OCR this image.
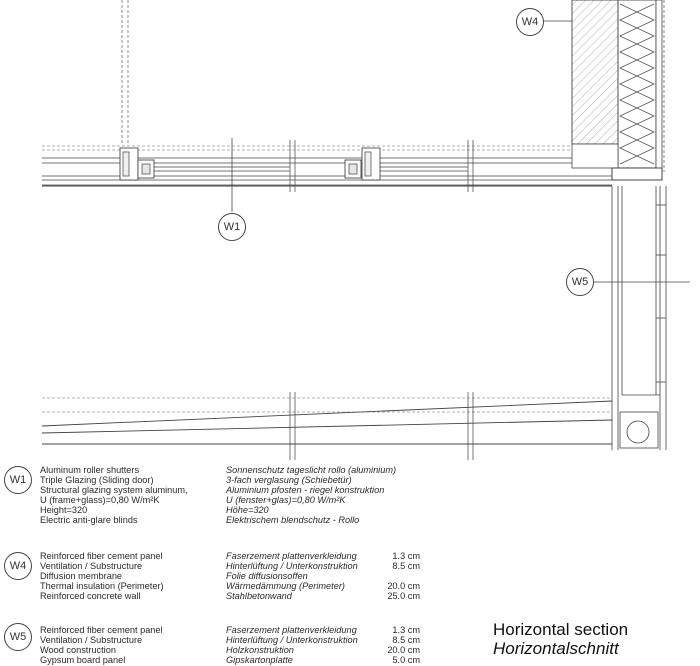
W1
W4
W5
W1
Aluminum roller shutters
Triple Glazing (Sliding door)
Structural glazing system aluminum,
U (frame+glass)=0,80 W/m²K
Height=320
Electric anti-glare blinds
Sonnenschutz tageslicht rollo (aluminium)
3-fach verglasung (Schiebetür)
Aluminium pfosten - riegel konstruktion
U (fenster+glas)=0,80 W/m²K
Höhe=320
Elektrischem blendschutz - Rollo
W4
Reinforced fiber cement panel
Ventilation / Substructure
Diffusion membrane
Thermal insulation (Perimeter)
Reinforced concrete wall
Faserzement plattenverkleidung
Hinterlüftung / Unterkonstruktion
Folie diffusionsoffen
Wärmedämmung (Perimeter)
Stahlbetonwand
1.3 cm
8.5 cm
20.0 cm
25.0 cm
W5
Reinforced fiber cement panel
Ventilation / Substructure
Wood construction
Gypsum board panel
Faserzement plattenverkleidung
Hinterlüftung / Unterkonstruktion
Holzkonstruktion
Gipskartonplatte
1.3 cm
8.5 cm
20.0 cm
5.0 cm
Horizontal section
Horizontalschnitt
